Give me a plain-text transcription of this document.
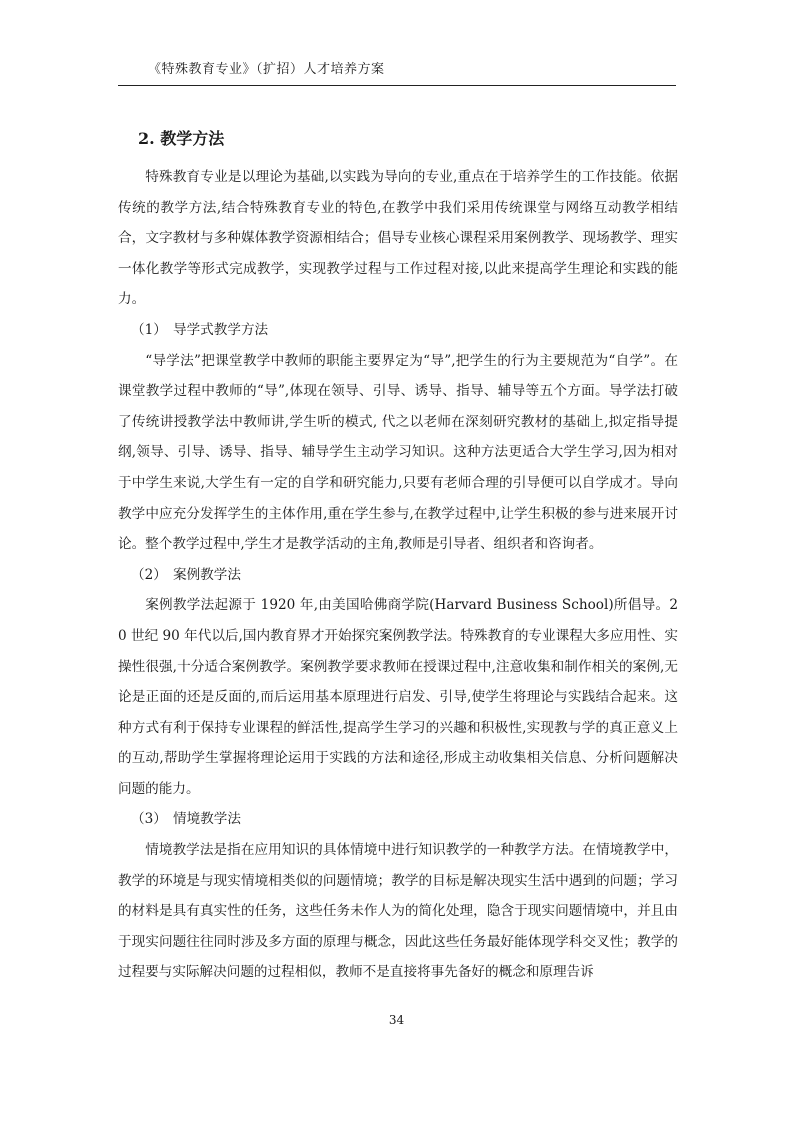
《特殊教育专业》（扩招）人才培养方案
2. 教学方法

特殊教育专业是以理论为基础,以实践为导向的专业,重点在于培养学生的工作技能。依据传统的教学方法,结合特殊教育专业的特色,在教学中我们采用传统课堂与网络互动教学相结合，文字教材与多种媒体教学资源相结合；倡导专业核心课程采用案例教学、现场教学、理实一体化教学等形式完成教学，实现教学过程与工作过程对接,以此来提高学生理论和实践的能力。

（1） 导学式教学方法

“导学法”把课堂教学中教师的职能主要界定为“导”,把学生的行为主要规范为“自学”。在课堂教学过程中教师的“导”,体现在领导、引导、诱导、指导、辅导等五个方面。导学法打破了传统讲授教学法中教师讲,学生听的模式, 代之以老师在深刻研究教材的基础上,拟定指导提纲,领导、引导、诱导、指导、辅导学生主动学习知识。这种方法更适合大学生学习,因为相对于中学生来说,大学生有一定的自学和研究能力,只要有老师合理的引导便可以自学成才。导向教学中应充分发挥学生的主体作用,重在学生参与,在教学过程中,让学生积极的参与进来展开讨论。整个教学过程中,学生才是教学活动的主角,教师是引导者、组织者和咨询者。

（2） 案例教学法

案例教学法起源于 1920 年,由美国哈佛商学院(Harvard Business School)所倡导。20 世纪 90 年代以后,国内教育界才开始探究案例教学法。特殊教育的专业课程大多应用性、实操性很强,十分适合案例教学。案例教学要求教师在授课过程中,注意收集和制作相关的案例,无论是正面的还是反面的,而后运用基本原理进行启发、引导,使学生将理论与实践结合起来。这种方式有利于保持专业课程的鲜活性,提高学生学习的兴趣和积极性,实现教与学的真正意义上的互动,帮助学生掌握将理论运用于实践的方法和途径,形成主动收集相关信息、分析问题解决问题的能力。

（3） 情境教学法

情境教学法是指在应用知识的具体情境中进行知识教学的一种教学方法。在情境教学中，教学的环境是与现实情境相类似的问题情境；教学的目标是解决现实生活中遇到的问题；学习的材料是具有真实性的任务，这些任务未作人为的简化处理，隐含于现实问题情境中，并且由于现实问题往往同时涉及多方面的原理与概念，因此这些任务最好能体现学科交叉性；教学的过程要与实际解决问题的过程相似，教师不是直接将事先备好的概念和原理告诉

34
